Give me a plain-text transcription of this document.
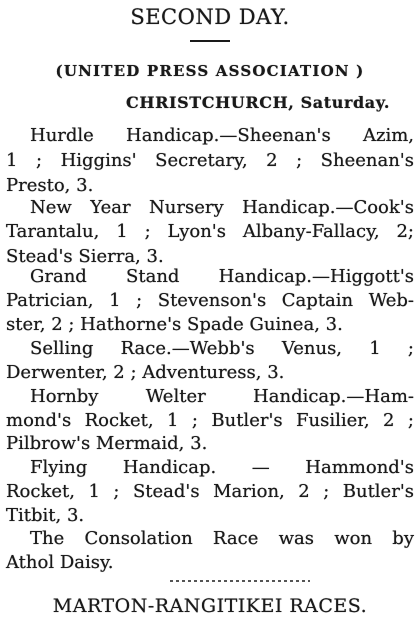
SECOND DAY.
(UNITED PRESS ASSOCIATION )
CHRISTCHURCH, Saturday.
Hurdle Handicap.—Sheenan's Azim,
1 ; Higgins' Secretary, 2 ; Sheenan's
Presto, 3.
New Year Nursery Handicap.—Cook's
Tarantalu, 1 ; Lyon's Albany-Fallacy, 2;
Stead's Sierra, 3.
Grand Stand Handicap.—Higgott's
Patrician, 1 ; Stevenson's Captain Web-
ster, 2 ; Hathorne's Spade Guinea, 3.
Selling Race.—Webb's Venus, 1 ;
Derwenter, 2 ; Adventuress, 3.
Hornby Welter Handicap.—Ham-
mond's Rocket, 1 ; Butler's Fusilier, 2 ;
Pilbrow's Mermaid, 3.
Flying Handicap. — Hammond's
Rocket, 1 ; Stead's Marion, 2 ; Butler's
Titbit, 3.
The Consolation Race was won by
Athol Daisy.
MARTON-RANGITIKEI RACES.
